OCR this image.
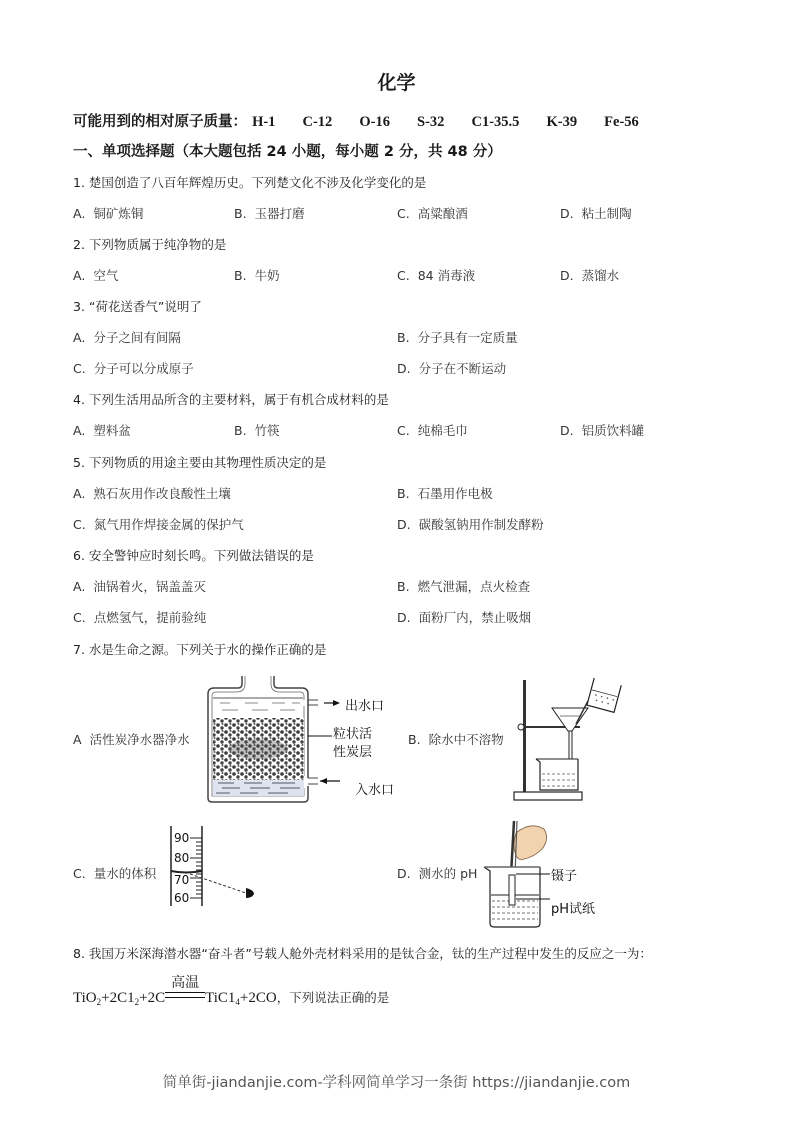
化学
可能用到的相对原子质量： H-1 C-12 O-16 S-32 C1-35.5 K-39 Fe-56
一、单项选择题（本大题包括 24 小题，每小题 2 分，共 48 分）
1. 楚国创造了八百年辉煌历史。下列楚文化不涉及化学变化的是
A. 铜矿炼铜	B. 玉器打磨	C. 高粱酿酒	D. 粘土制陶
2. 下列物质属于纯净物的是
A. 空气	B. 牛奶	C. 84 消毒液	D. 蒸馏水
3. “荷花送香气”说明了
A. 分子之间有间隔	B. 分子具有一定质量
C. 分子可以分成原子	D. 分子在不断运动
4. 下列生活用品所含的主要材料，属于有机合成材料的是
A. 塑料盆	B. 竹筷	C. 纯棉毛巾	D. 铝质饮料罐
5. 下列物质的用途主要由其物理性质决定的是
A. 熟石灰用作改良酸性土壤	B. 石墨用作电极
C. 氮气用作焊接金属的保护气	D. 碳酸氢钠用作制发酵粉
6. 安全警钟应时刻长鸣。下列做法错误的是
A. 油锅着火，锅盖盖灭	B. 燃气泄漏，点火检查
C. 点燃氢气，提前验纯	D. 面粉厂内，禁止吸烟
7. 水是生命之源。下列关于水的操作正确的是
A 活性炭净水器净水
出水口
粒状活
性炭层
入水口
B. 除水中不溶物
C. 量水的体积
90
80
70
60
D. 测水的 pH	镊子
pH试纸
8. 我国万米深海潜水器“奋斗者”号载人舱外壳材料采用的是钛合金，钛的生产过程中发生的反应之一为：
$TiO_2+2C1_2+2C$
高温
$TiC1_4+2CO$，下列说法正确的是
简单街-jiandanjie.com-学科网简单学习一条街 https://jiandanjie.com
